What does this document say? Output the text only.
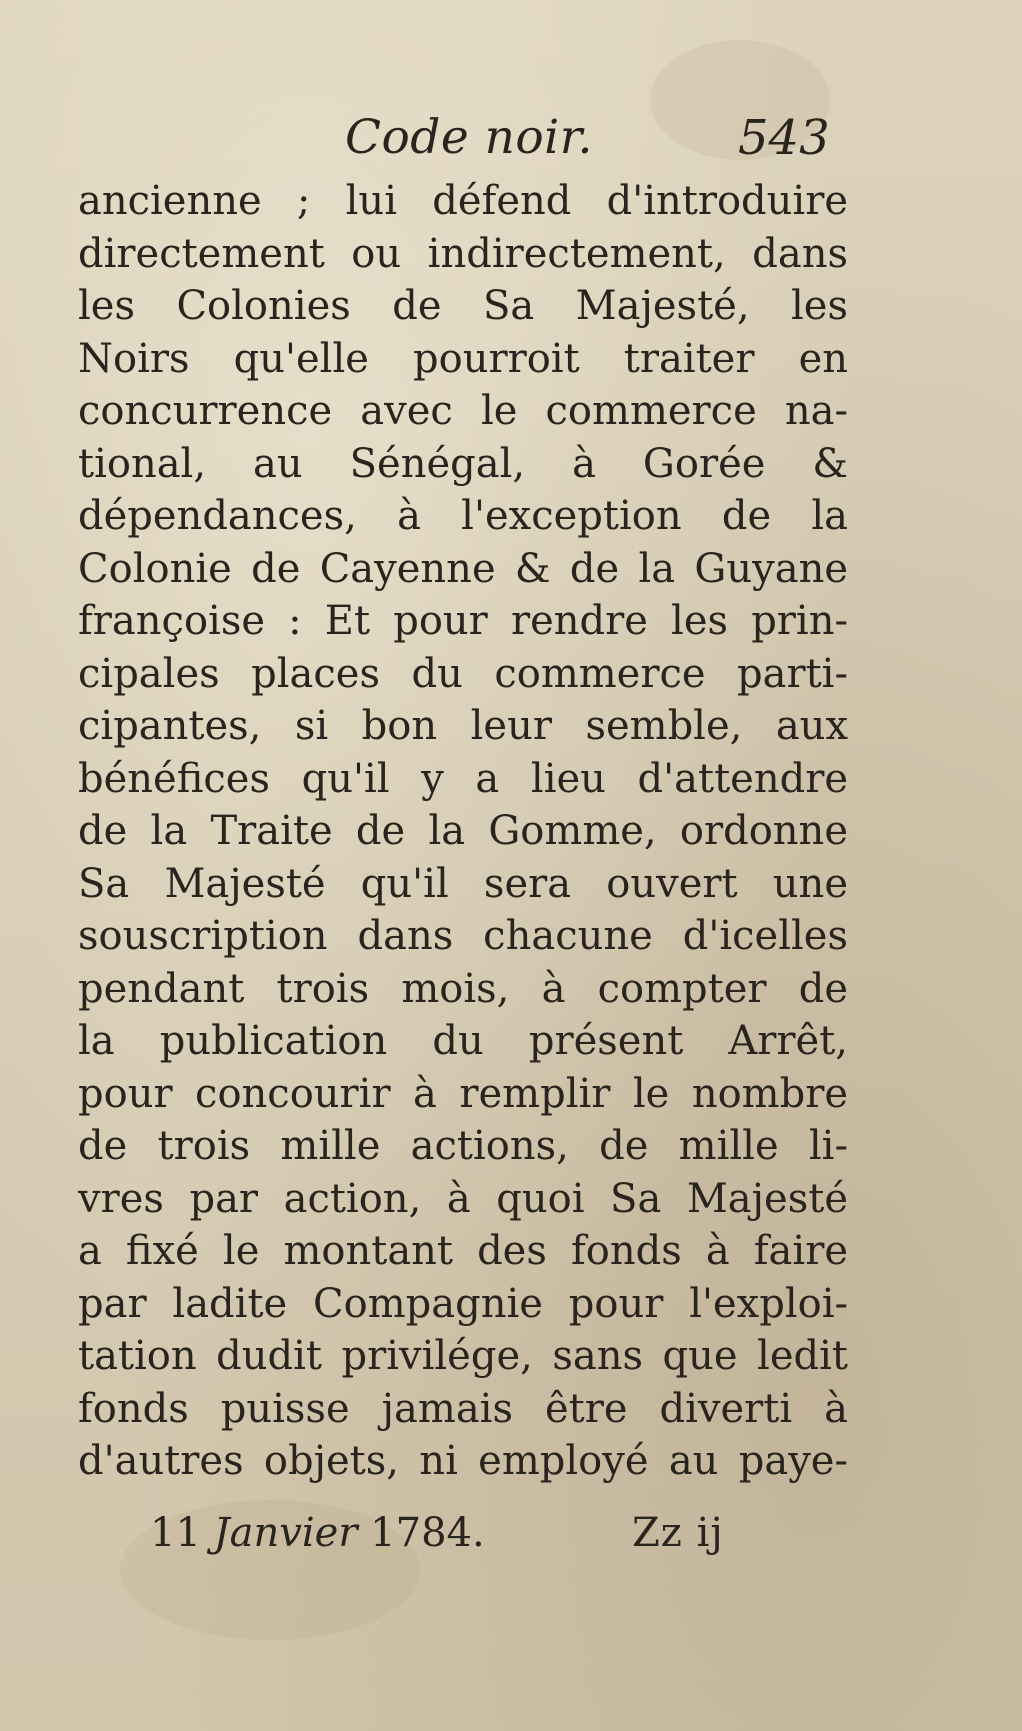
Code noir.	543
ancienne ; lui défend d'introduire
directement ou indirectement, dans
les Colonies de Sa Majesté, les
Noirs qu'elle pourroit traiter en
concurrence avec le commerce na-
tional, au Sénégal, à Gorée &
dépendances, à l'exception de la
Colonie de Cayenne & de la Guyane
françoise : Et pour rendre les prin-
cipales places du commerce parti-
cipantes, si bon leur semble, aux
bénéfices qu'il y a lieu d'attendre
de la Traite de la Gomme, ordonne
Sa Majesté qu'il sera ouvert une
souscription dans chacune d'icelles
pendant trois mois, à compter de
la publication du présent Arrêt,
pour concourir à remplir le nombre
de trois mille actions, de mille li-
vres par action, à quoi Sa Majesté
a fixé le montant des fonds à faire
par ladite Compagnie pour l'exploi-
tation dudit privilége, sans que ledit
fonds puisse jamais être diverti à
d'autres objets, ni employé au paye-
11 Janvier 1784.	Zz ij
